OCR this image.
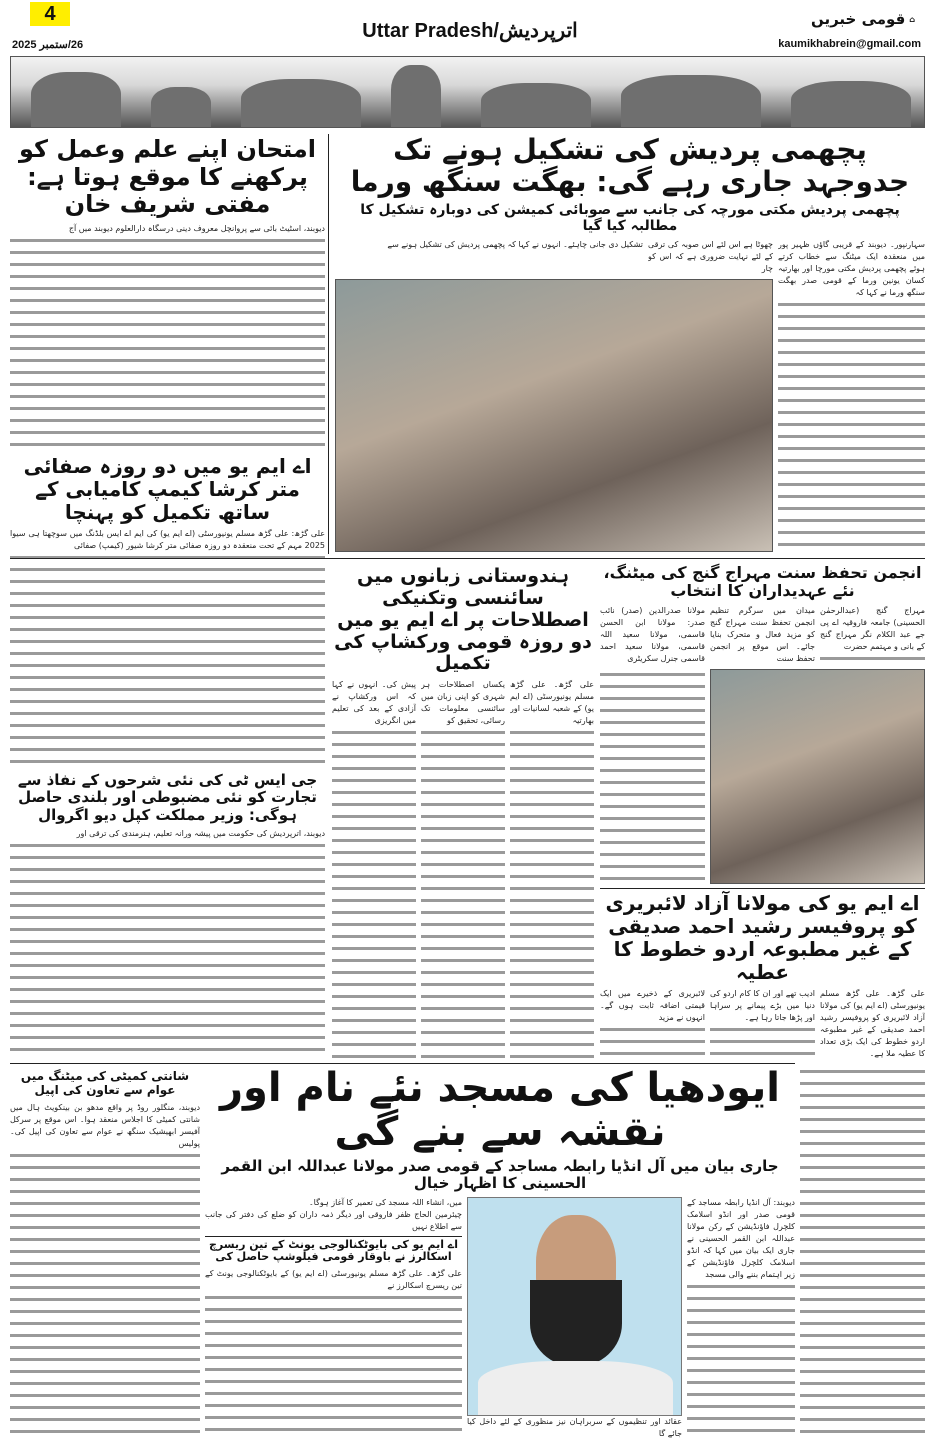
4
26/ستمبر 2025
Uttar Pradesh/اترپردیش
قومی خبریں ⌂
kaumikhabrein@gmail.com
امتحان اپنے علم وعمل کو پرکھنے کا موقع ہوتا ہے: مفتی شریف خان
دیوبند، اسٹیٹ بائی سے پروانچل معروف دینی درسگاہ دارالعلوم دیوبند میں آج
اے ایم یو میں دو روزہ صفائی متر کرشا کیمپ کامیابی کے ساتھ تکمیل کو پہنچا
علی گڑھ: علی گڑھ مسلم یونیورسٹی (اے ایم یو) کی ایم اے ایس بلڈنگ میں سوچھتا ہی سیوا 2025 مہم کے تحت منعقدہ دو روزہ صفائی متر کرشا شیور (کیمپ) صفائی
جی ایس ٹی کی نئی شرحوں کے نفاذ سے تجارت کو نئی مضبوطی اور بلندی حاصل ہوگی: وزیر مملکت کپل دیو اگروال
دیوبند، اترپردیش کی حکومت میں پیشہ ورانہ تعلیم، ہنرمندی کی ترقی اور
پچھمی پردیش کی تشکیل ہونے تک جدوجہد جاری رہے گی: بھگت سنگھ ورما
پچھمی پردیش مکتی مورچہ کی جانب سے صوبائی کمیشن کی دوبارہ تشکیل کا مطالبہ کیا گیا
سہارنپور۔ دیوبند کے قریبی گاؤں ظہیر پور میں منعقدہ ایک میٹنگ سے خطاب کرتے ہوئے پچھمی پردیش مکتی مورچا اور بھارتیہ کسان یونین ورما کے قومی صدر بھگت سنگھ ورما نے کہا کہ
چھوٹا ہے اس لئے اس صوبہ کی ترقی کے لئے نہایت ضروری ہے کہ اس کو چار
تشکیل دی جانی چاہئے۔ انہوں نے کہا کہ پچھمی پردیش کی تشکیل ہونے سے
انجمن تحفظ سنت مہراج گنج کی میٹنگ، نئے عہدیداران کا انتخاب
مہراج گنج (عبدالرحمٰن الحسینی) جامعہ فاروقیہ اے پی جے عبد الکلام نگر مہراج گنج کے بانی و مہتمم حضرت
میدان میں سرگرم تنظیم انجمن تحفظ سنت مہراج گنج کو مزید فعال و متحرک بنایا جائے۔ اس موقع پر انجمن تحفظ سنت
مولانا صدرالدین (صدر) نائب صدر: مولانا ابن الحسن قاسمی، مولانا سعید اللہ قاسمی، مولانا سعید احمد قاسمی جنرل سکریٹری
اے ایم یو کی مولانا آزاد لائبریری کو پروفیسر رشید احمد صدیقی کے غیر مطبوعہ اردو خطوط کا عطیہ
علی گڑھ۔ علی گڑھ مسلم یونیورسٹی (اے ایم یو) کی مولانا آزاد لائبریری کو پروفیسر رشید احمد صدیقی کے غیر مطبوعہ اردو خطوط کی ایک بڑی تعداد کا عطیہ ملا ہے۔
ادیب تھے اور ان کا کام اردو کی دنیا میں بڑے پیمانے پر سراہا اور پڑھا جاتا رہا ہے۔
لائبریری کے ذخیرے میں ایک قیمتی اضافہ ثابت ہوں گے۔ انہوں نے مزید
ہندوستانی زبانوں میں سائنسی وتکنیکی اصطلاحات پر اے ایم یو میں دو روزہ قومی ورکشاپ کی تکمیل
علی گڑھ۔ علی گڑھ مسلم یونیورسٹی (اے ایم یو) کے شعبہ لسانیات اور بھارتیہ
یکساں اصطلاحات ہر شہری کو اپنی زبان میں سائنسی معلومات تک رسائی، تحقیق کو
پیش کی۔ انہوں نے کہا کہ اس ورکشاپ نے آزادی کے بعد کی تعلیم میں انگریزی
شانتی کمیٹی کی میٹنگ میں عوام سے تعاون کی اپیل
دیوبند، منگلور روڈ پر واقع مدھو بن بینکویٹ ہال میں شانتی کمیٹی کا اجلاس منعقد ہوا۔ اس موقع پر سرکل آفیسر ابھیشیک سنگھ نے عوام سے تعاون کی اپیل کی۔ پولیس
ایودھیا کی مسجد نئے نام اور نقشہ سے بنے گی
جاری بیان میں آل انڈیا رابطہ مساجد کے قومی صدر مولانا عبداللہ ابن القمر الحسینی کا اظہار خیال
دیوبند: آل انڈیا رابطہ مساجد کے قومی صدر اور انڈو اسلامک کلچرل فاؤنڈیشن کے رکن مولانا عبداللہ ابن القمر الحسینی نے جاری ایک بیان میں کہا کہ انڈو اسلامک کلچرل فاؤنڈیشن کے زیر اہتمام بننے والی مسجد
عقائد اور تنظیموں کے سربراہان نیز منظوری کے لئے داخل کیا جائے گا
میں، انشاء اللہ مسجد کی تعمیر کا آغاز ہوگا۔
چیئرمین الحاج ظفر فاروقی اور دیگر ذمہ داران کو ضلع کی دفتر کی جانب سے اطلاع نہیں
اے ایم یو کی بایوٹکنالوجی یونٹ کے تین ریسرچ اسکالرز نے باوقار قومی فیلوشپ حاصل کی
علی گڑھ۔ علی گڑھ مسلم یونیورسٹی (اے ایم یو) کے بایوٹکنالوجی یونٹ کے تین ریسرچ اسکالرز نے
